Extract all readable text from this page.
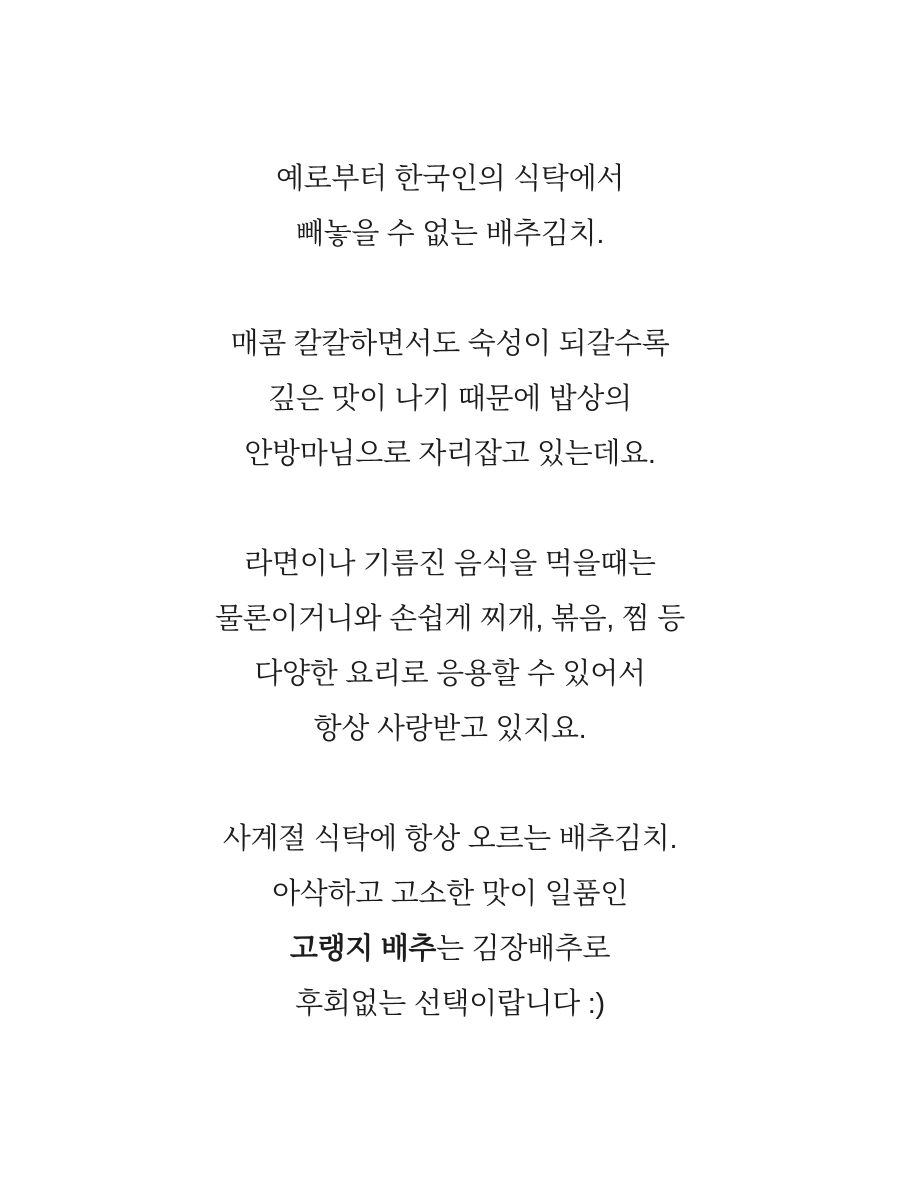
예로부터 한국인의 식탁에서
빼놓을 수 없는 배추김치.
매콤 칼칼하면서도 숙성이 되갈수록
깊은 맛이 나기 때문에 밥상의
안방마님으로 자리잡고 있는데요.
라면이나 기름진 음식을 먹을때는
물론이거니와 손쉽게 찌개, 볶음, 찜 등
다양한 요리로 응용할 수 있어서
항상 사랑받고 있지요.
사계절 식탁에 항상 오르는 배추김치.
아삭하고 고소한 맛이 일품인
고랭지 배추는 김장배추로
후회없는 선택이랍니다 :)
